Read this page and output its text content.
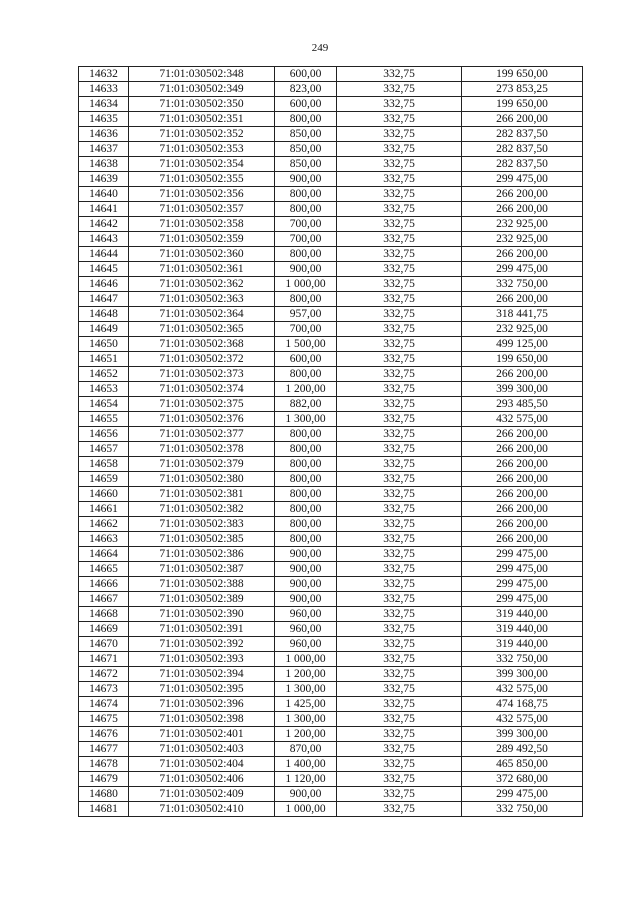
249
14632	71:01:030502:348	600,00	332,75	199 650,00
14633	71:01:030502:349	823,00	332,75	273 853,25
14634	71:01:030502:350	600,00	332,75	199 650,00
14635	71:01:030502:351	800,00	332,75	266 200,00
14636	71:01:030502:352	850,00	332,75	282 837,50
14637	71:01:030502:353	850,00	332,75	282 837,50
14638	71:01:030502:354	850,00	332,75	282 837,50
14639	71:01:030502:355	900,00	332,75	299 475,00
14640	71:01:030502:356	800,00	332,75	266 200,00
14641	71:01:030502:357	800,00	332,75	266 200,00
14642	71:01:030502:358	700,00	332,75	232 925,00
14643	71:01:030502:359	700,00	332,75	232 925,00
14644	71:01:030502:360	800,00	332,75	266 200,00
14645	71:01:030502:361	900,00	332,75	299 475,00
14646	71:01:030502:362	1 000,00	332,75	332 750,00
14647	71:01:030502:363	800,00	332,75	266 200,00
14648	71:01:030502:364	957,00	332,75	318 441,75
14649	71:01:030502:365	700,00	332,75	232 925,00
14650	71:01:030502:368	1 500,00	332,75	499 125,00
14651	71:01:030502:372	600,00	332,75	199 650,00
14652	71:01:030502:373	800,00	332,75	266 200,00
14653	71:01:030502:374	1 200,00	332,75	399 300,00
14654	71:01:030502:375	882,00	332,75	293 485,50
14655	71:01:030502:376	1 300,00	332,75	432 575,00
14656	71:01:030502:377	800,00	332,75	266 200,00
14657	71:01:030502:378	800,00	332,75	266 200,00
14658	71:01:030502:379	800,00	332,75	266 200,00
14659	71:01:030502:380	800,00	332,75	266 200,00
14660	71:01:030502:381	800,00	332,75	266 200,00
14661	71:01:030502:382	800,00	332,75	266 200,00
14662	71:01:030502:383	800,00	332,75	266 200,00
14663	71:01:030502:385	800,00	332,75	266 200,00
14664	71:01:030502:386	900,00	332,75	299 475,00
14665	71:01:030502:387	900,00	332,75	299 475,00
14666	71:01:030502:388	900,00	332,75	299 475,00
14667	71:01:030502:389	900,00	332,75	299 475,00
14668	71:01:030502:390	960,00	332,75	319 440,00
14669	71:01:030502:391	960,00	332,75	319 440,00
14670	71:01:030502:392	960,00	332,75	319 440,00
14671	71:01:030502:393	1 000,00	332,75	332 750,00
14672	71:01:030502:394	1 200,00	332,75	399 300,00
14673	71:01:030502:395	1 300,00	332,75	432 575,00
14674	71:01:030502:396	1 425,00	332,75	474 168,75
14675	71:01:030502:398	1 300,00	332,75	432 575,00
14676	71:01:030502:401	1 200,00	332,75	399 300,00
14677	71:01:030502:403	870,00	332,75	289 492,50
14678	71:01:030502:404	1 400,00	332,75	465 850,00
14679	71:01:030502:406	1 120,00	332,75	372 680,00
14680	71:01:030502:409	900,00	332,75	299 475,00
14681	71:01:030502:410	1 000,00	332,75	332 750,00
